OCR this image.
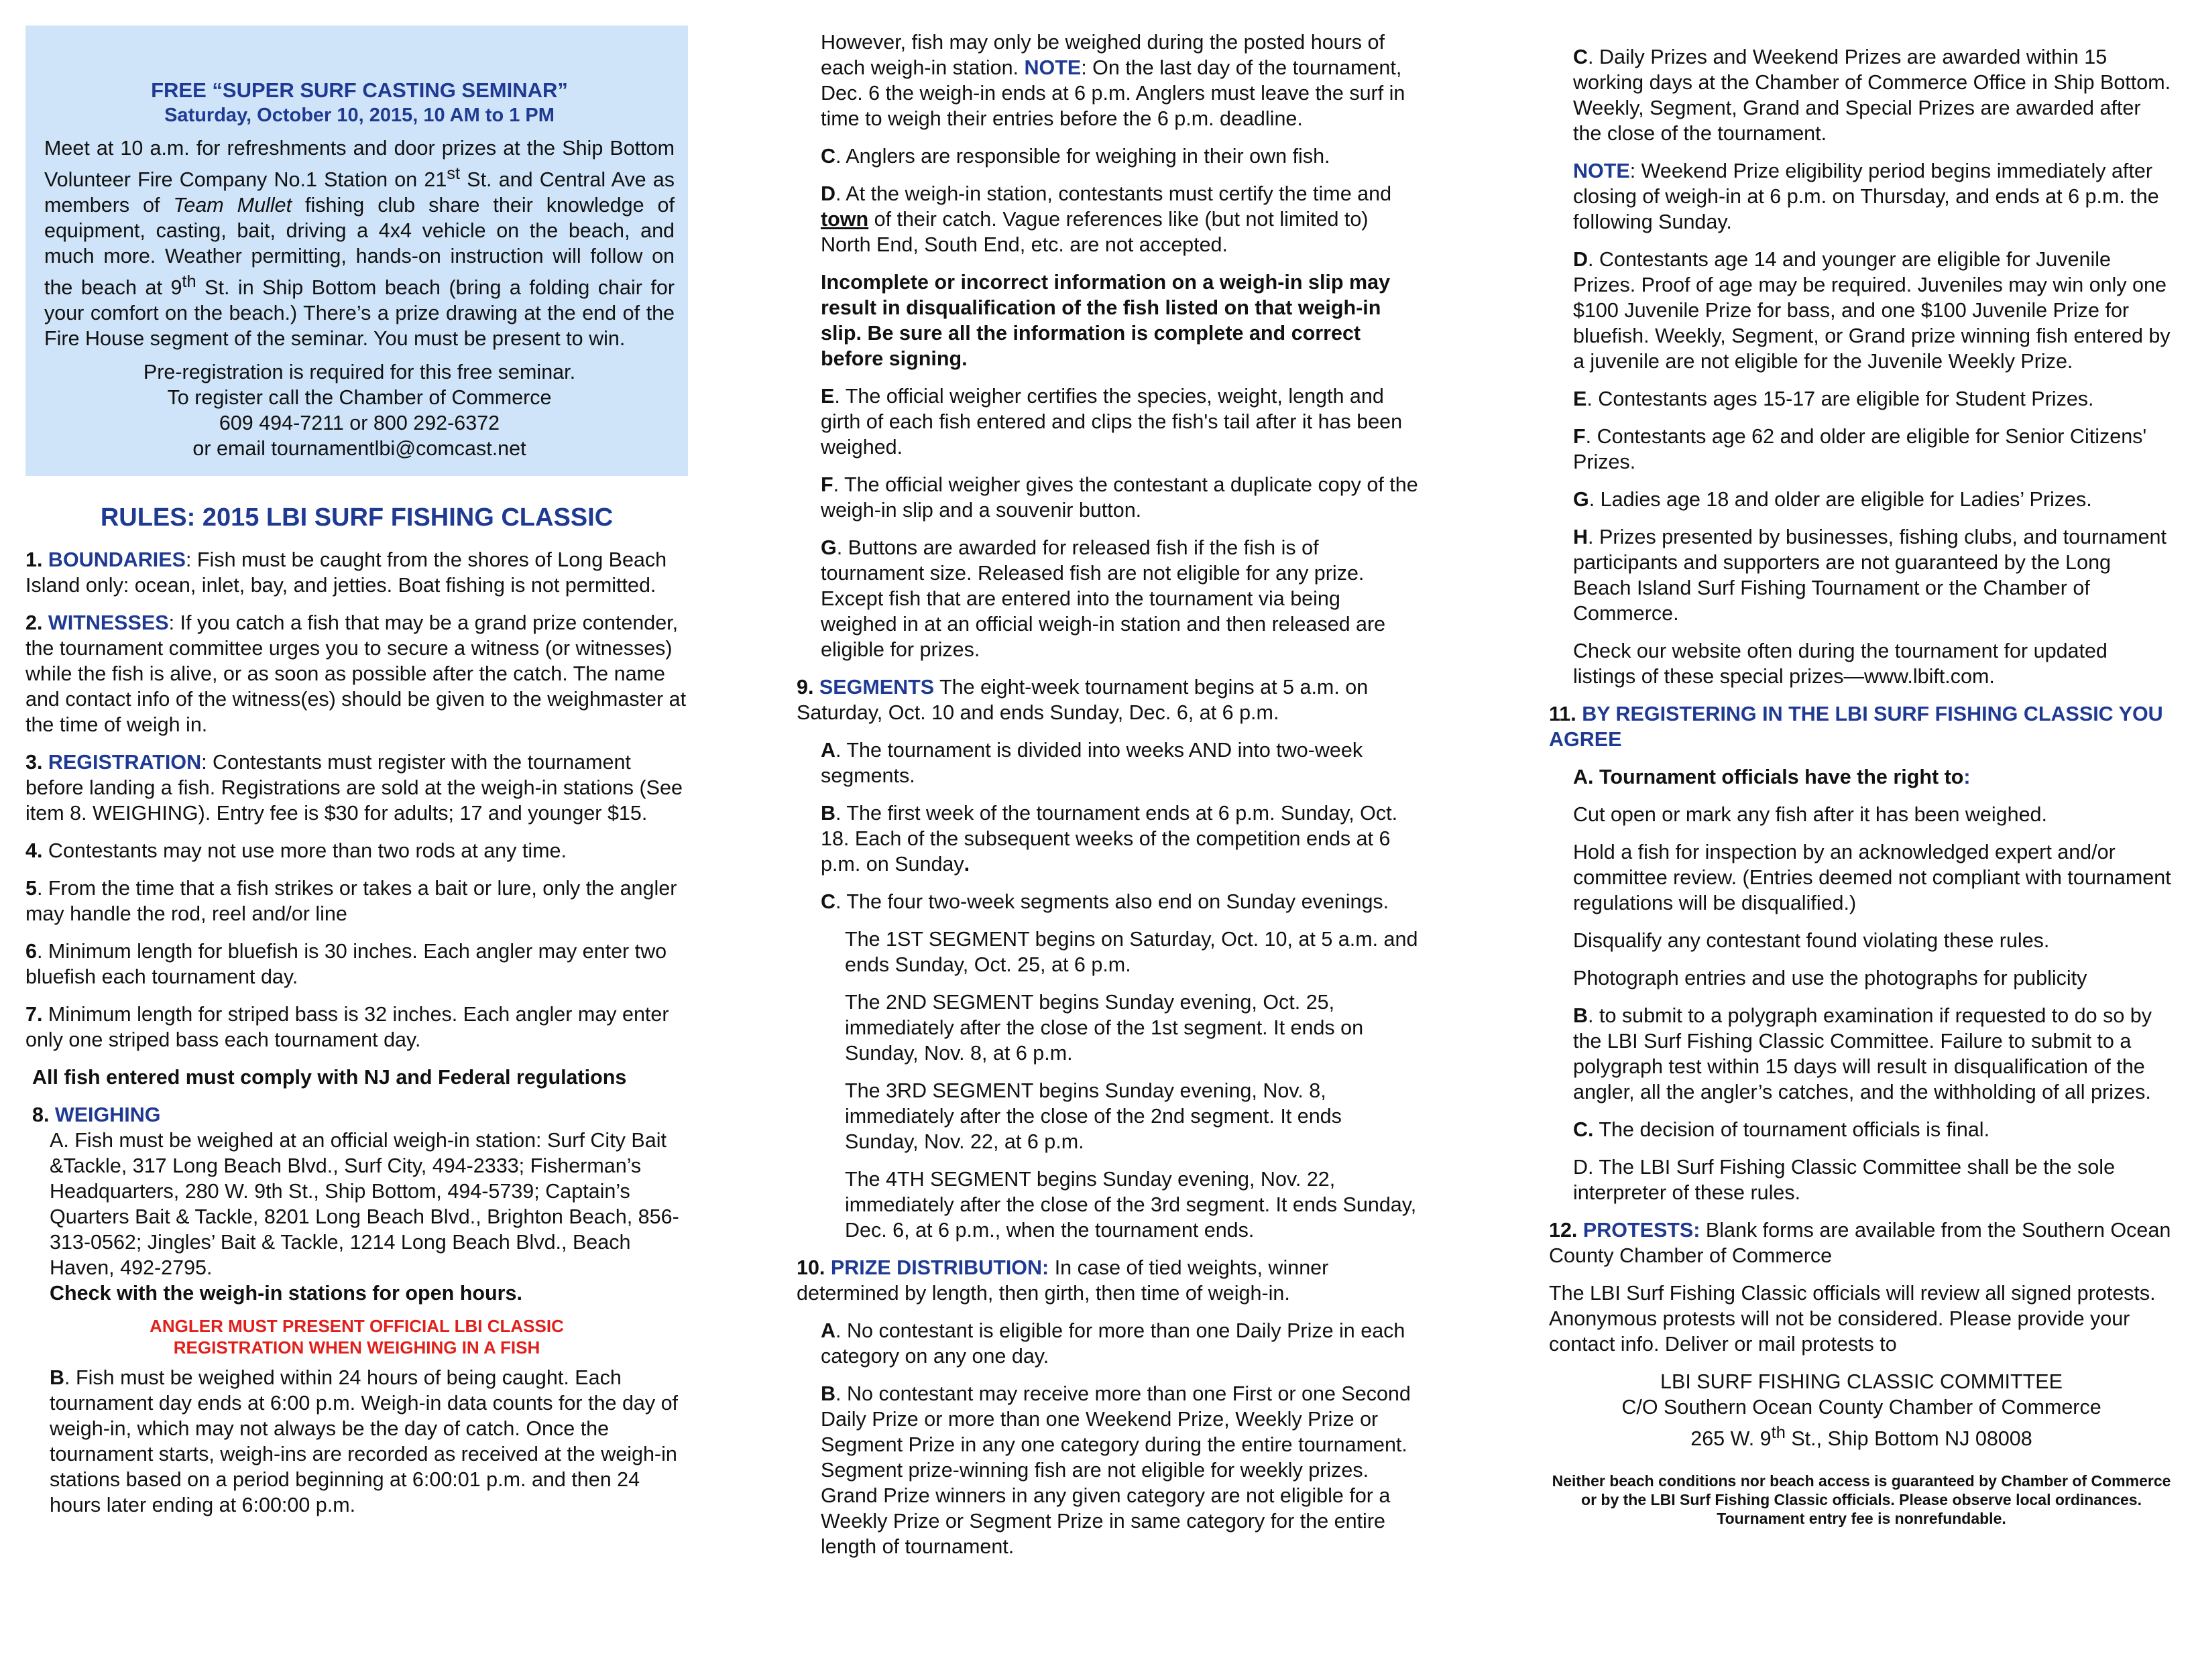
FREE “SUPER SURF CASTING SEMINAR”

Saturday, October 10, 2015, 10 AM to 1 PM

Meet at 10 a.m. for refreshments and door prizes at the Ship Bottom Volunteer Fire Company No.1 Station on 21st St. and Central Ave as members of Team Mullet fishing club share their knowledge of equipment, casting, bait, driving a 4x4 vehicle on the beach, and much more. Weather permitting, hands-on instruction will follow on the beach at 9th St. in Ship Bottom beach (bring a folding chair for your comfort on the beach.) There’s a prize drawing at the end of the Fire House segment of the seminar. You must be present to win.

Pre-registration is required for this free seminar.

To register call the Chamber of Commerce

609 494-7211 or 800 292-6372

or email tournamentlbi@comcast.net

RULES: 2015 LBI SURF FISHING CLASSIC

1. BOUNDARIES: Fish must be caught from the shores of Long Beach Island only: ocean, inlet, bay, and jetties. Boat fishing is not permitted.

2. WITNESSES: If you catch a fish that may be a grand prize contender, the tournament committee urges you to secure a witness (or witnesses) while the fish is alive, or as soon as possible after the catch. The name and contact info of the witness(es) should be given to the weighmaster at the time of weigh in.

3. REGISTRATION: Contestants must register with the tournament before landing a fish. Registrations are sold at the weigh-in stations (See item 8. WEIGHING). Entry fee is $30 for adults; 17 and younger $15.

4. Contestants may not use more than two rods at any time.

5. From the time that a fish strikes or takes a bait or lure, only the angler may handle the rod, reel and/or line

6. Minimum length for bluefish is 30 inches. Each angler may enter two bluefish each tournament day.

7. Minimum length for striped bass is 32 inches. Each angler may enter only one striped bass each tournament day.

All fish entered must comply with NJ and Federal regulations

8. WEIGHING

A. Fish must be weighed at an official weigh-in station: Surf City Bait &Tackle, 317 Long Beach Blvd., Surf City, 494-2333; Fisherman’s Headquarters, 280 W. 9th St., Ship Bottom, 494-5739; Captain’s Quarters Bait & Tackle, 8201 Long Beach Blvd., Brighton Beach, 856-313-0562; Jingles’ Bait & Tackle, 1214 Long Beach Blvd., Beach Haven, 492-2795.
Check with the weigh-in stations for open hours.

ANGLER MUST PRESENT OFFICIAL LBI CLASSIC
REGISTRATION WHEN WEIGHING IN A FISH

B. Fish must be weighed within 24 hours of being caught. Each tournament day ends at 6:00 p.m. Weigh-in data counts for the day of weigh-in, which may not always be the day of catch. Once the tournament starts, weigh-ins are recorded as received at the weigh-in stations based on a period beginning at 6:00:01 p.m. and then 24 hours later ending at 6:00:00 p.m.

However, fish may only be weighed during the posted hours of each weigh-in station. NOTE: On the last day of the tournament, Dec. 6 the weigh-in ends at 6 p.m. Anglers must leave the surf in time to weigh their entries before the 6 p.m. deadline.

C. Anglers are responsible for weighing in their own fish.

D. At the weigh-in station, contestants must certify the time and town of their catch. Vague references like (but not limited to) North End, South End, etc. are not accepted.

Incomplete or incorrect information on a weigh-in slip may result in disqualification of the fish listed on that weigh-in slip. Be sure all the information is complete and correct before signing.

E. The official weigher certifies the species, weight, length and girth of each fish entered and clips the fish's tail after it has been weighed.

F. The official weigher gives the contestant a duplicate copy of the weigh-in slip and a souvenir button.

G. Buttons are awarded for released fish if the fish is of tournament size. Released fish are not eligible for any prize. Except fish that are entered into the tournament via being weighed in at an official weigh-in station and then released are eligible for prizes.

9. SEGMENTS The eight-week tournament begins at 5 a.m. on Saturday, Oct. 10 and ends Sunday, Dec. 6, at 6 p.m.

A. The tournament is divided into weeks AND into two-week segments.

B. The first week of the tournament ends at 6 p.m. Sunday, Oct. 18. Each of the subsequent weeks of the competition ends at 6 p.m. on Sunday.

C. The four two-week segments also end on Sunday evenings.

The 1ST SEGMENT begins on Saturday, Oct. 10, at 5 a.m. and ends Sunday, Oct. 25, at 6 p.m.

The 2ND SEGMENT begins Sunday evening, Oct. 25, immediately after the close of the 1st segment. It ends on Sunday, Nov. 8, at 6 p.m.

The 3RD SEGMENT begins Sunday evening, Nov. 8, immediately after the close of the 2nd segment. It ends Sunday, Nov. 22, at 6 p.m.

The 4TH SEGMENT begins Sunday evening, Nov. 22, immediately after the close of the 3rd segment. It ends Sunday, Dec. 6, at 6 p.m., when the tournament ends.

10. PRIZE DISTRIBUTION: In case of tied weights, winner determined by length, then girth, then time of weigh-in.

A. No contestant is eligible for more than one Daily Prize in each category on any one day.

B. No contestant may receive more than one First or one Second Daily Prize or more than one Weekend Prize, Weekly Prize or Segment Prize in any one category during the entire tournament. Segment prize-winning fish are not eligible for weekly prizes. Grand Prize winners in any given category are not eligible for a Weekly Prize or Segment Prize in same category for the entire length of tournament.

C. Daily Prizes and Weekend Prizes are awarded within 15 working days at the Chamber of Commerce Office in Ship Bottom. Weekly, Segment, Grand and Special Prizes are awarded after the close of the tournament.

NOTE: Weekend Prize eligibility period begins immediately after closing of weigh-in at 6 p.m. on Thursday, and ends at 6 p.m. the following Sunday.

D. Contestants age 14 and younger are eligible for Juvenile Prizes. Proof of age may be required. Juveniles may win only one $100 Juvenile Prize for bass, and one $100 Juvenile Prize for bluefish. Weekly, Segment, or Grand prize winning fish entered by a juvenile are not eligible for the Juvenile Weekly Prize.

E. Contestants ages 15-17 are eligible for Student Prizes.

F. Contestants age 62 and older are eligible for Senior Citizens' Prizes.

G. Ladies age 18 and older are eligible for Ladies’ Prizes.

H. Prizes presented by businesses, fishing clubs, and tournament participants and supporters are not guaranteed by the Long Beach Island Surf Fishing Tournament or the Chamber of Commerce.

Check our website often during the tournament for updated listings of these special prizes—www.lbift.com.

11. BY REGISTERING IN THE LBI SURF FISHING CLASSIC YOU AGREE

A. Tournament officials have the right to:

Cut open or mark any fish after it has been weighed.

Hold a fish for inspection by an acknowledged expert and/or committee review. (Entries deemed not compliant with tournament regulations will be disqualified.)

Disqualify any contestant found violating these rules.

Photograph entries and use the photographs for publicity

B. to submit to a polygraph examination if requested to do so by the LBI Surf Fishing Classic Committee. Failure to submit to a polygraph test within 15 days will result in disqualification of the angler, all the angler’s catches, and the withholding of all prizes.

C. The decision of tournament officials is final.

D. The LBI Surf Fishing Classic Committee shall be the sole interpreter of these rules.

12. PROTESTS: Blank forms are available from the Southern Ocean County Chamber of Commerce

The LBI Surf Fishing Classic officials will review all signed protests. Anonymous protests will not be considered. Please provide your contact info. Deliver or mail protests to

LBI SURF FISHING CLASSIC COMMITTEE
C/O Southern Ocean County Chamber of Commerce
265 W. 9th St., Ship Bottom NJ 08008

Neither beach conditions nor beach access is guaranteed by Chamber of Commerce or by the LBI Surf Fishing Classic officials. Please observe local ordinances. Tournament entry fee is nonrefundable.
